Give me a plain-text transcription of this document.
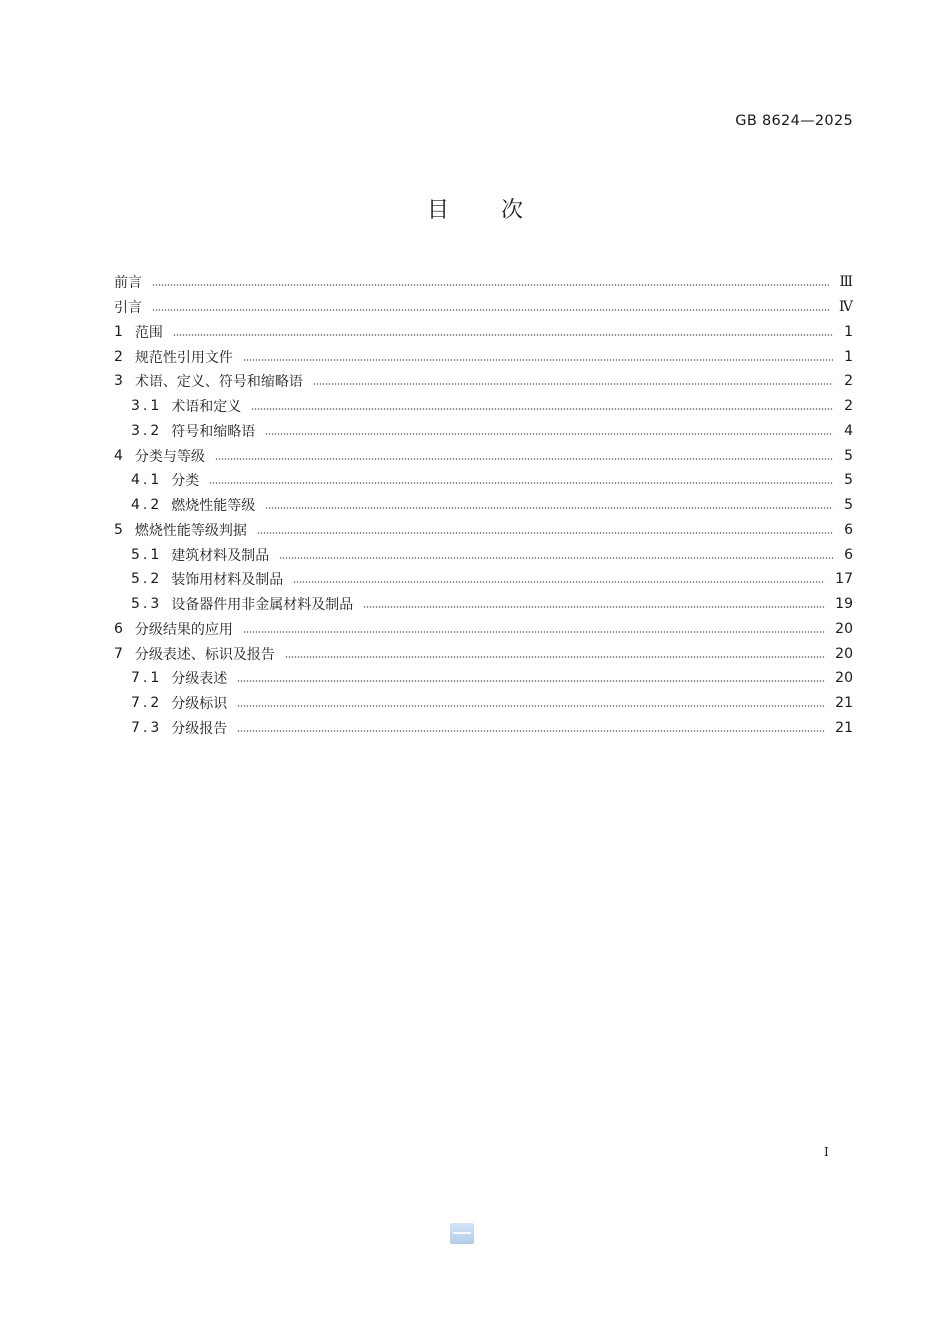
GB 8624—2025
目次
前言	Ⅲ
引言	Ⅳ
1 范围	1
2 规范性引用文件	1
3 术语、定义、符号和缩略语	2
3.1 术语和定义	2
3.2 符号和缩略语	4
4 分类与等级	5
4.1 分类	5
4.2 燃烧性能等级	5
5 燃烧性能等级判据	6
5.1 建筑材料及制品	6
5.2 装饰用材料及制品	17
5.3 设备器件用非金属材料及制品	19
6 分级结果的应用	20
7 分级表述、标识及报告	20
7.1 分级表述	20
7.2 分级标识	21
7.3 分级报告	21
Ⅰ
